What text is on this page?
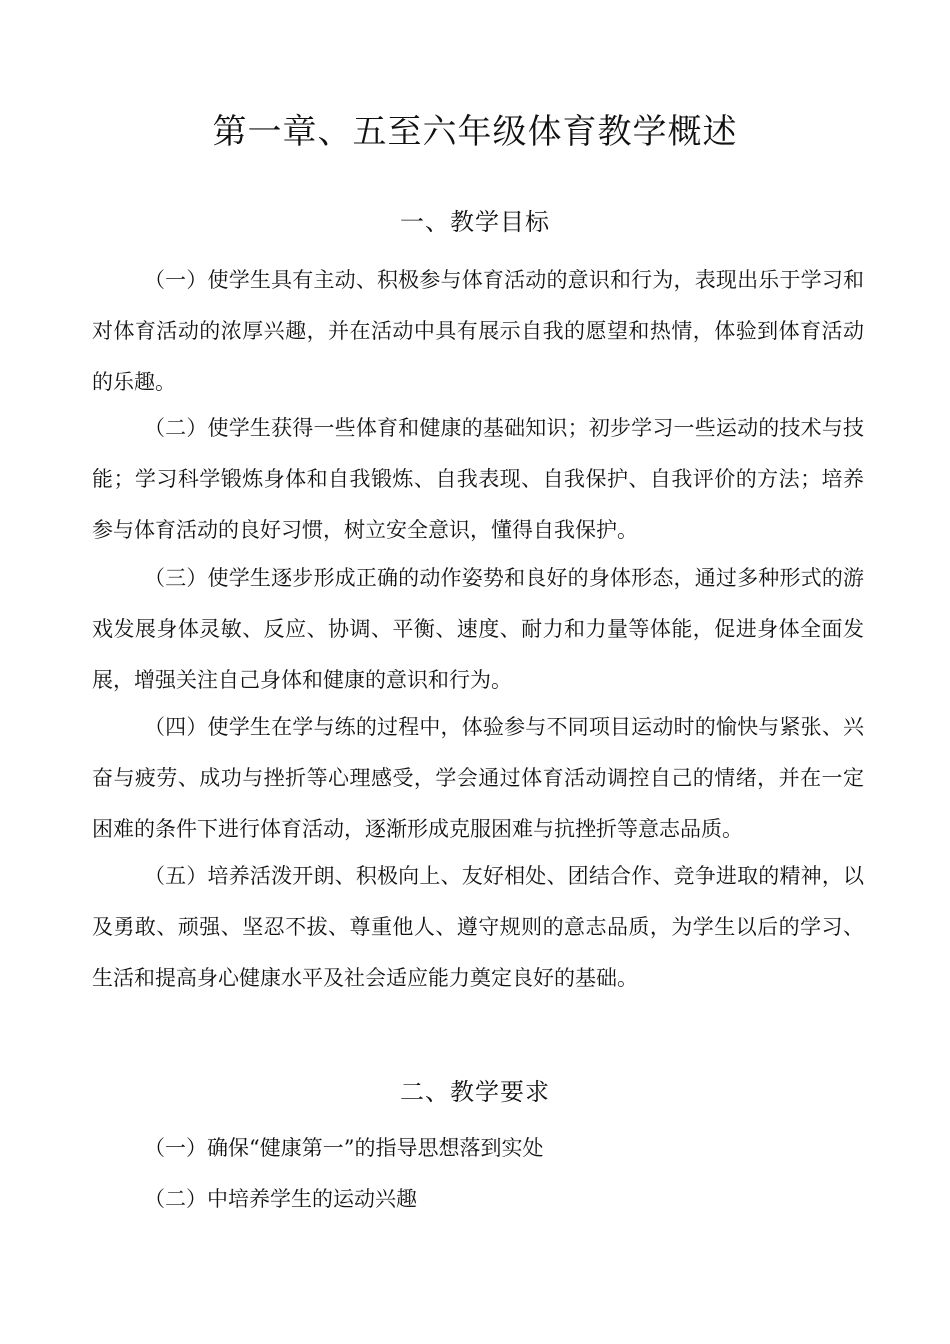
第一章、五至六年级体育教学概述
一、教学目标

（一）使学生具有主动、积极参与体育活动的意识和行为，表现出乐于学习和对体育活动的浓厚兴趣，并在活动中具有展示自我的愿望和热情，体验到体育活动的乐趣。

（二）使学生获得一些体育和健康的基础知识；初步学习一些运动的技术与技能；学习科学锻炼身体和自我锻炼、自我表现、自我保护、自我评价的方法；培养参与体育活动的良好习惯，树立安全意识，懂得自我保护。

（三）使学生逐步形成正确的动作姿势和良好的身体形态，通过多种形式的游戏发展身体灵敏、反应、协调、平衡、速度、耐力和力量等体能，促进身体全面发展，增强关注自己身体和健康的意识和行为。

（四）使学生在学与练的过程中，体验参与不同项目运动时的愉快与紧张、兴奋与疲劳、成功与挫折等心理感受，学会通过体育活动调控自己的情绪，并在一定困难的条件下进行体育活动，逐渐形成克服困难与抗挫折等意志品质。

（五）培养活泼开朗、积极向上、友好相处、团结合作、竞争进取的精神，以及勇敢、顽强、坚忍不拔、尊重他人、遵守规则的意志品质，为学生以后的学习、生活和提高身心健康水平及社会适应能力奠定良好的基础。

二、教学要求

（一）确保“健康第一”的指导思想落到实处

（二）中培养学生的运动兴趣
